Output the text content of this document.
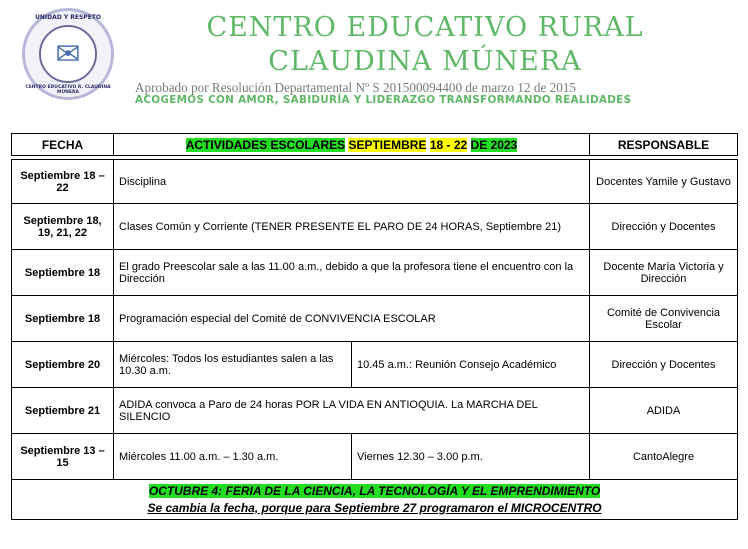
UNIDAD Y RESPETO
✉
CENTRO EDUCATIVO R. CLAUDINA MÚNERA
CENTRO EDUCATIVO RURAL
CLAUDINA MÚNERA
Aprobado por Resolución Departamental Nº S 201500094400 de marzo 12 de 2015
ACOGEMOS CON AMOR, SABIDURÍA Y LIDERAZGO TRANSFORMANDO REALIDADES
FECHA	ACTIVIDADES ESCOLARES SEPTIEMBRE 18 - 22 DE 2023		RESPONSABLE

Septiembre 18 – 22	Disciplina		Docentes Yamile y Gustavo
Septiembre 18, 19, 21, 22	Clases Común y Corriente (TENER PRESENTE EL PARO DE 24 HORAS, Septiembre 21)		Dirección y Docentes
Septiembre 18	El grado Preescolar sale a las 11.00 a.m., debido a que la profesora tiene el encuentro con la Dirección		Docente María Victoria y Dirección
Septiembre 18	Programación especial del Comité de CONVIVENCIA ESCOLAR		Comité de Convivencia Escolar
Septiembre 20	Miércoles: Todos los estudiantes salen a las 10.30 a.m.	10.45 a.m.: Reunión Consejo Académico	Dirección y Docentes
Septiembre 21	ADIDA convoca a Paro de 24 horas POR LA VIDA EN ANTIOQUIA. La MARCHA DEL SILENCIO		ADIDA
Septiembre 13 – 15	Miércoles 11.00 a.m. – 1.30 a.m.	Viernes 12.30 – 3.00 p.m.	CantoAlegre

OCTUBRE 4: FERIA DE LA CIENCIA, LA TECNOLOGÍA Y EL EMPRENDIMIENTO
Se cambia la fecha, porque para Septiembre 27 programaron el MICROCENTRO			
